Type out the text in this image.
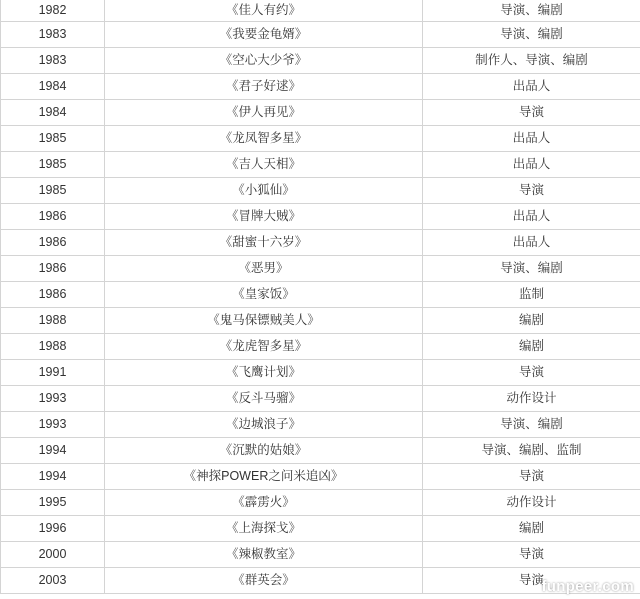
1982	《佳人有约》	导演、编剧
1983	《我要金龟婿》	导演、编剧
1983	《空心大少爷》	制作人、导演、编剧
1984	《君子好逑》	出品人
1984	《伊人再见》	导演
1985	《龙凤智多星》	出品人
1985	《吉人天相》	出品人
1985	《小狐仙》	导演
1986	《冒牌大贼》	出品人
1986	《甜蜜十六岁》	出品人
1986	《恶男》	导演、编剧
1986	《皇家饭》	监制
1988	《鬼马保镖贼美人》	编剧
1988	《龙虎智多星》	编剧
1991	《飞鹰计划》	导演
1993	《反斗马骝》	动作设计
1993	《边城浪子》	导演、编剧
1994	《沉默的姑娘》	导演、编剧、监制
1994	《神探POWER之问米追凶》	导演
1995	《霹雳火》	动作设计
1996	《上海探戈》	编剧
2000	《辣椒教室》	导演
2003	《群英会》	导演
funpeer.com
